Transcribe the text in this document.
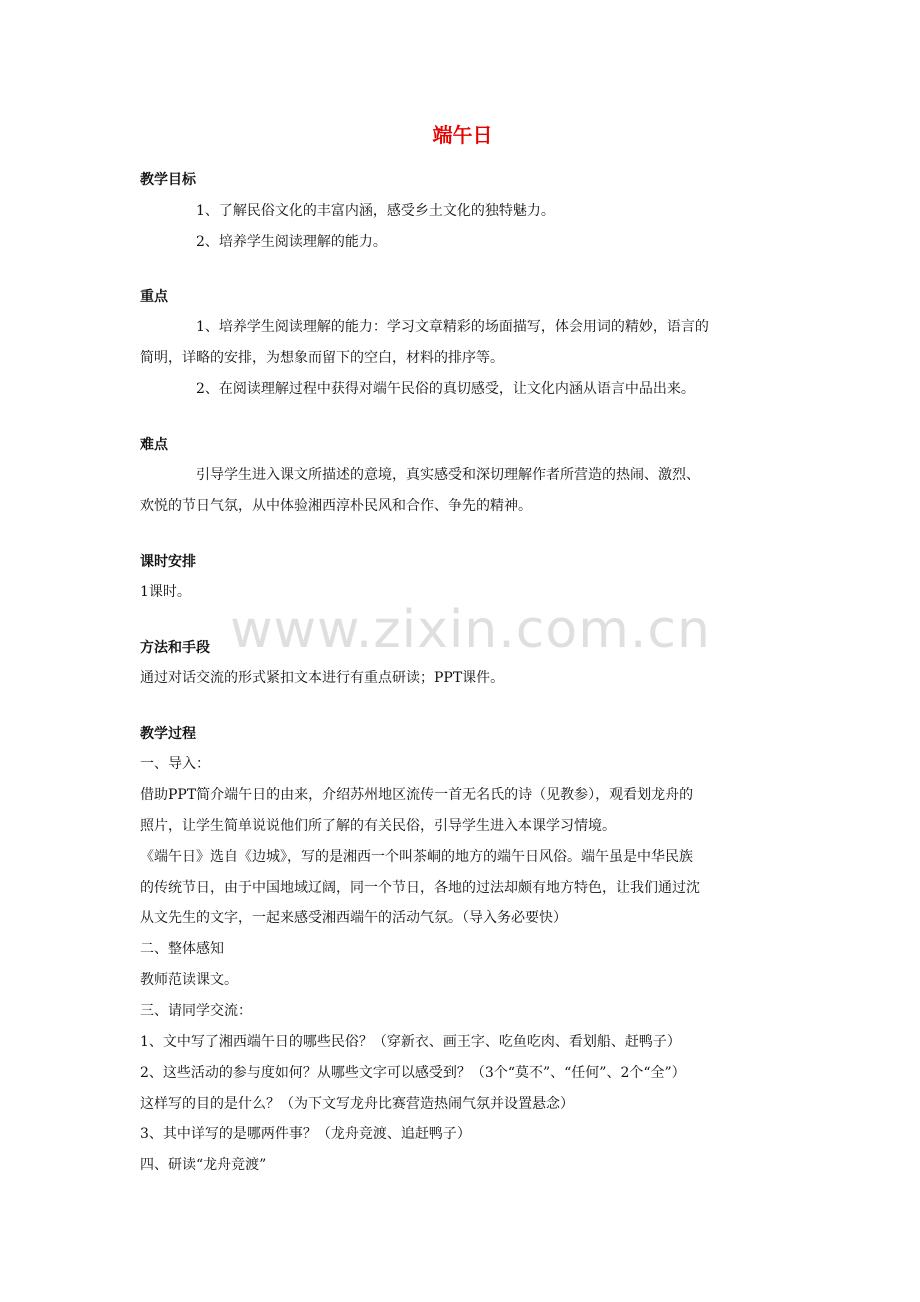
www.zixin.com.cn
端午日
教学目标
1、了解民俗文化的丰富内涵，感受乡土文化的独特魅力。
2、培养学生阅读理解的能力。
重点
1、培养学生阅读理解的能力：学习文章精彩的场面描写，体会用词的精妙，语言的
简明，详略的安排，为想象而留下的空白，材料的排序等。
2、在阅读理解过程中获得对端午民俗的真切感受，让文化内涵从语言中品出来。
难点
引导学生进入课文所描述的意境，真实感受和深切理解作者所营造的热闹、激烈、
欢悦的节日气氛，从中体验湘西淳朴民风和合作、争先的精神。
课时安排
1课时。
方法和手段
通过对话交流的形式紧扣文本进行有重点研读；PPT课件。
教学过程
一、导入：
借助PPT简介端午日的由来，介绍苏州地区流传一首无名氏的诗（见教参），观看划龙舟的
照片，让学生简单说说他们所了解的有关民俗，引导学生进入本课学习情境。
《端午日》选自《边城》，写的是湘西一个叫茶峒的地方的端午日风俗。端午虽是中华民族
的传统节日，由于中国地域辽阔，同一个节日，各地的过法却颇有地方特色，让我们通过沈
从文先生的文字，一起来感受湘西端午的活动气氛。（导入务必要快）
二、整体感知
教师范读课文。
三、请同学交流：
1、文中写了湘西端午日的哪些民俗？（穿新衣、画王字、吃鱼吃肉、看划船、赶鸭子）
2、这些活动的参与度如何？从哪些文字可以感受到？（3个“莫不”、“任何”、2个“全”）
这样写的目的是什么？（为下文写龙舟比赛营造热闹气氛并设置悬念）
3、其中详写的是哪两件事？（龙舟竞渡、追赶鸭子）
四、研读“龙舟竞渡”
